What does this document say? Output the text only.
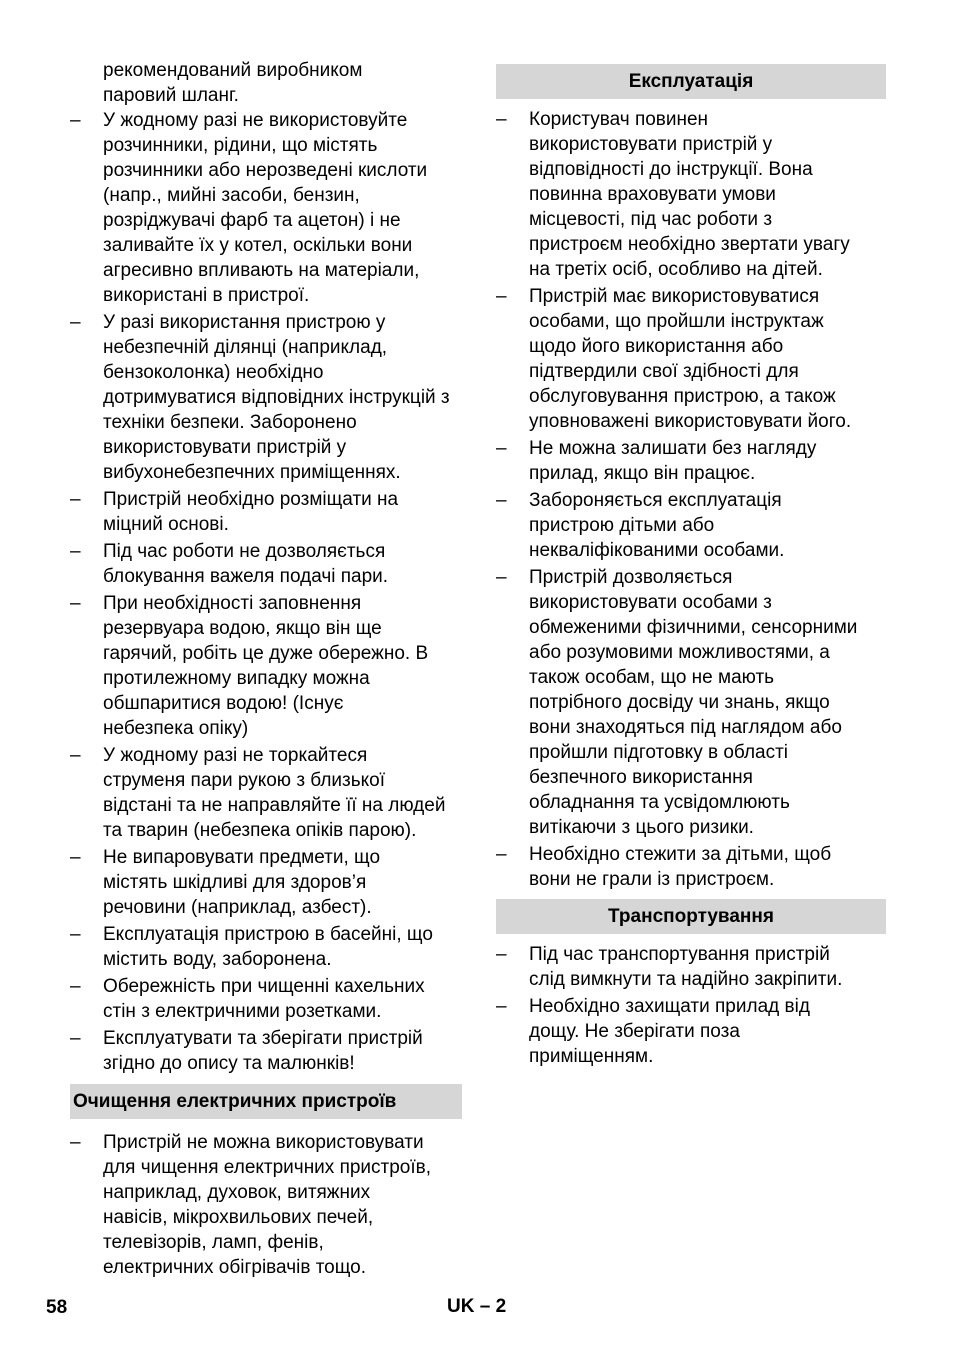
рекомендований виробником
паровий шланг.
– У жодному разі не використовуйте
розчинники, рідини, що містять
розчинники або нерозведені кислоти
(напр., мийні засоби, бензин,
розріджувачі фарб та ацетон) і не
заливайте їх у котел, оскільки вони
агресивно впливають на матеріали,
використані в пристрої.
– У разі використання пристрою у
небезпечній ділянці (наприклад,
бензоколонка) необхідно
дотримуватися відповідних інструкцій з
техніки безпеки. Заборонено
використовувати пристрій у
вибухонебезпечних приміщеннях.
– Пристрій необхідно розміщати на
міцний основі.
– Під час роботи не дозволяється
блокування важеля подачі пари.
– При необхідності заповнення
резервуара водою, якщо він ще
гарячий, робіть це дуже обережно. В
протилежному випадку можна
обшпаритися водою! (Існує
небезпека опіку)
– У жодному разі не торкайтеся
струменя пари рукою з близької
відстані та не направляйте її на людей
та тварин (небезпека опіків парою).
– Не випаровувати предмети, що
містять шкідливі для здоров’я
речовини (наприклад, азбест).
– Експлуатація пристрою в басейні, що
містить воду, заборонена.
– Обережність при чищенні кахельних
стін з електричними розетками.
– Експлуатувати та зберігати пристрій
згідно до опису та малюнків!
Очищення електричних пристроїв
– Пристрій не можна використовувати
для чищення електричних пристроїв,
наприклад, духовок, витяжних
навісів, мікрохвильових печей,
телевізорів, ламп, фенів,
електричних обігрівачів тощо.
Експлуатація
– Користувач повинен
використовувати пристрій у
відповідності до інструкції. Вона
повинна враховувати умови
місцевості, під час роботи з
пристроєм необхідно звертати увагу
на третіх осіб, особливо на дітей.
– Пристрій має використовуватися
особами, що пройшли інструктаж
щодо його використання або
підтвердили свої здібності для
обслуговування пристрою, а також
уповноважені використовувати його.
– Не можна залишати без нагляду
прилад, якщо він працює.
– Забороняється експлуатація
пристрою дітьми або
некваліфікованими особами.
– Пристрій дозволяється
використовувати особами з
обмеженими фізичними, сенсорними
або розумовими можливостями, а
також особам, що не мають
потрібного досвіду чи знань, якщо
вони знаходяться під наглядом або
пройшли підготовку в області
безпечного використання
обладнання та усвідомлюють
витікаючи з цього ризики.
– Необхідно стежити за дітьми, щоб
вони не грали із пристроєм.
Транспортування
– Під час транспортування пристрій
слід вимкнути та надійно закріпити.
– Необхідно захищати прилад від
дощу. Не зберігати поза
приміщенням.
58	UK – 2
